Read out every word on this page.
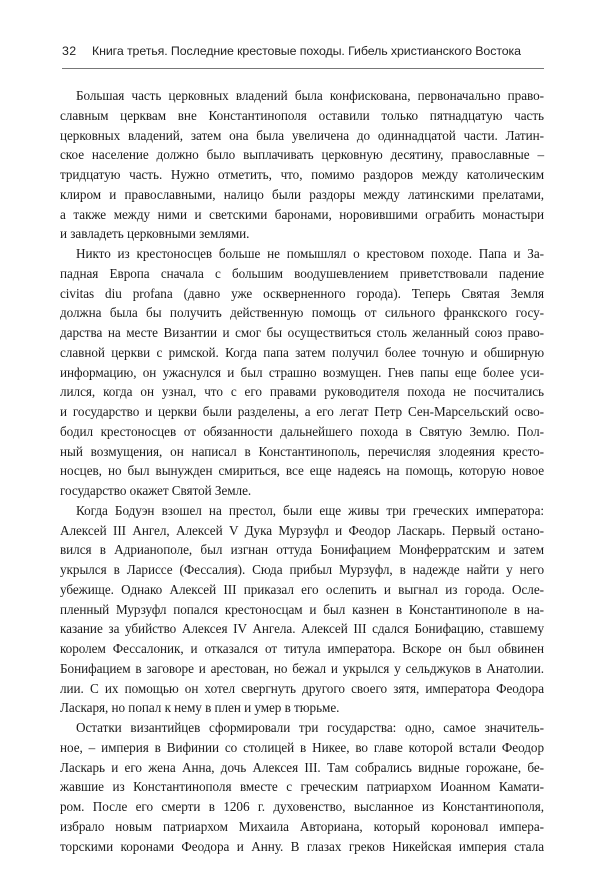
32 Книга третья. Последние крестовые походы. Гибель христианского Востока
Большая часть церковных владений была конфискована, первоначально право-
славным церквам вне Константинополя оставили только пятнадцатую часть
церковных владений, затем она была увеличена до одиннадцатой части. Латин-
ское население должно было выплачивать церковную десятину, православные –
тридцатую часть. Нужно отметить, что, помимо раздоров между католическим
клиром и православными, налицо были раздоры между латинскими прелатами,
а также между ними и светскими баронами, норовившими ограбить монастыри
и завладеть церковными землями.
Никто из крестоносцев больше не помышлял о крестовом походе. Папа и За-
падная Европа сначала с большим воодушевлением приветствовали падение
civitas diu profana (давно уже оскверненного города). Теперь Святая Земля
должна была бы получить действенную помощь от сильного франкского госу-
дарства на месте Византии и смог бы осуществиться столь желанный союз право-
славной церкви с римской. Когда папа затем получил более точную и обширную
информацию, он ужаснулся и был страшно возмущен. Гнев папы еще более уси-
лился, когда он узнал, что с его правами руководителя похода не посчитались
и государство и церкви были разделены, а его легат Петр Сен-Марсельский осво-
бодил крестоносцев от обязанности дальнейшего похода в Святую Землю. Пол-
ный возмущения, он написал в Константинополь, перечисляя злодеяния кресто-
носцев, но был вынужден смириться, все еще надеясь на помощь, которую новое
государство окажет Святой Земле.
Когда Бодуэн взошел на престол, были еще живы три греческих императора:
Алексей III Ангел, Алексей V Дука Мурзуфл и Феодор Ласкарь. Первый остано-
вился в Адрианополе, был изгнан оттуда Бонифацием Монферратским и затем
укрылся в Лариссе (Фессалия). Сюда прибыл Мурзуфл, в надежде найти у него
убежище. Однако Алексей III приказал его ослепить и выгнал из города. Осле-
пленный Мурзуфл попался крестоносцам и был казнен в Константинополе в на-
казание за убийство Алексея IV Ангела. Алексей III сдался Бонифацию, ставшему
королем Фессалоник, и отказался от титула императора. Вскоре он был обвинен
Бонифацием в заговоре и арестован, но бежал и укрылся у сельджуков в Анатолии.
лии. С их помощью он хотел свергнуть другого своего зятя, императора Феодора
Ласкаря, но попал к нему в плен и умер в тюрьме.
Остатки византийцев сформировали три государства: одно, самое значитель-
ное, – империя в Вифинии со столицей в Никее, во главе которой встали Феодор
Ласкарь и его жена Анна, дочь Алексея III. Там собрались видные горожане, бе-
жавшие из Константинополя вместе с греческим патриархом Иоанном Камати-
ром. После его смерти в 1206 г. духовенство, высланное из Константинополя,
избрало новым патриархом Михаила Авториана, который короновал импера-
торскими коронами Феодора и Анну. В глазах греков Никейская империя стала
